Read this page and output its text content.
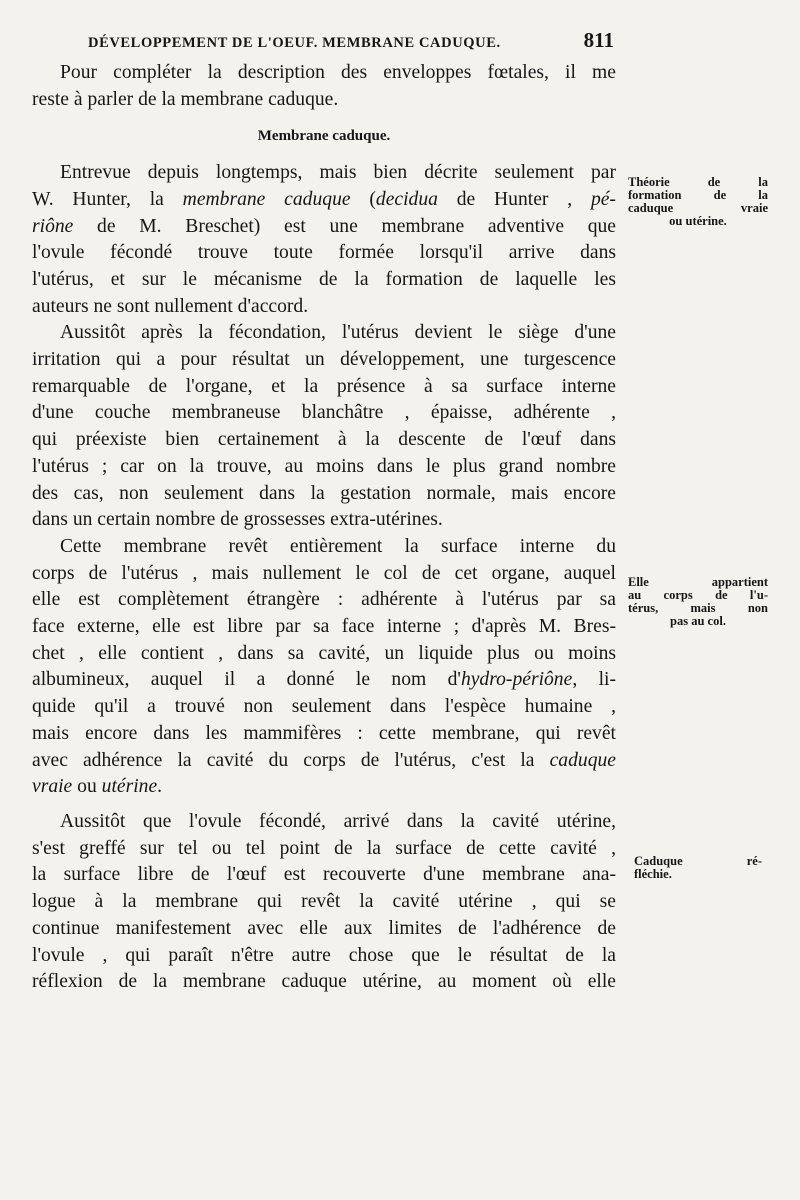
DÉVELOPPEMENT DE L'OEUF. MEMBRANE CADUQUE.	811
Pour compléter la description des enveloppes fœtales, il me
reste à parler de la membrane caduque.
Membrane caduque.
Entrevue depuis longtemps, mais bien décrite seulement par
W. Hunter, la membrane caduque (decidua de Hunter , pé-
riône de M. Breschet) est une membrane adventive que
l'ovule fécondé trouve toute formée lorsqu'il arrive dans
l'utérus, et sur le mécanisme de la formation de laquelle les
auteurs ne sont nullement d'accord.
Aussitôt après la fécondation, l'utérus devient le siège d'une
irritation qui a pour résultat un développement, une turgescence
remarquable de l'organe, et la présence à sa surface interne
d'une couche membraneuse blanchâtre , épaisse, adhérente ,
qui préexiste bien certainement à la descente de l'œuf dans
l'utérus ; car on la trouve, au moins dans le plus grand nombre
des cas, non seulement dans la gestation normale, mais encore
dans un certain nombre de grossesses extra-utérines.
Cette membrane revêt entièrement la surface interne du
corps de l'utérus , mais nullement le col de cet organe, auquel
elle est complètement étrangère : adhérente à l'utérus par sa
face externe, elle est libre par sa face interne ; d'après M. Bres-
chet , elle contient , dans sa cavité, un liquide plus ou moins
albumineux, auquel il a donné le nom d'hydro-périône, li-
quide qu'il a trouvé non seulement dans l'espèce humaine ,
mais encore dans les mammifères : cette membrane, qui revêt
avec adhérence la cavité du corps de l'utérus, c'est la caduque
vraie ou utérine.
Aussitôt que l'ovule fécondé, arrivé dans la cavité utérine,
s'est greffé sur tel ou tel point de la surface de cette cavité ,
la surface libre de l'œuf est recouverte d'une membrane ana-
logue à la membrane qui revêt la cavité utérine , qui se
continue manifestement avec elle aux limites de l'adhérence de
l'ovule , qui paraît n'être autre chose que le résultat de la
réflexion de la membrane caduque utérine, au moment où elle
Théorie de la
formation de la
caduque vraie
ou utérine.
Elle appartient
au corps de l'u-
térus, mais non
pas au col.
Caduque ré-
fléchie.
